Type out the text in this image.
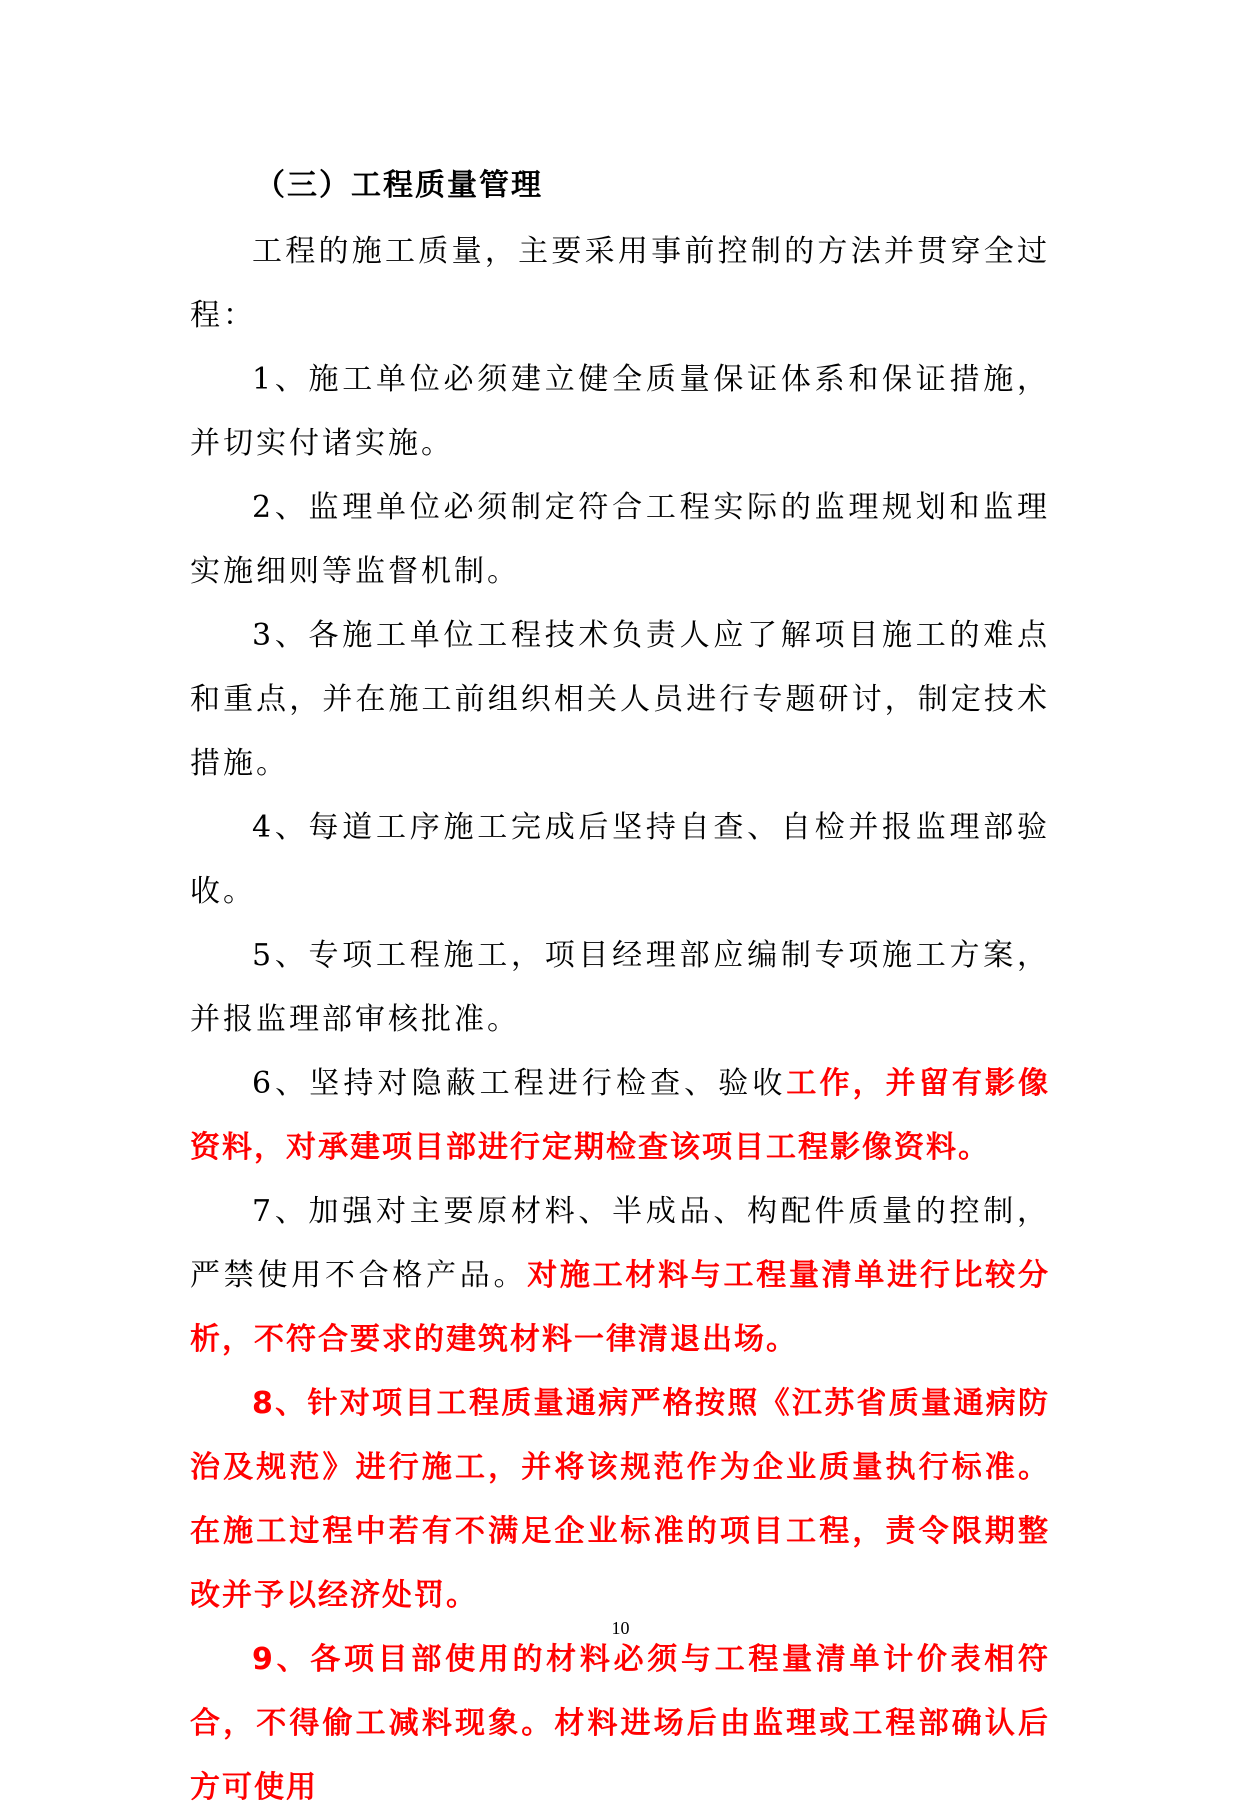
（三）工程质量管理

工程的施工质量，主要采用事前控制的方法并贯穿全过程：

1、施工单位必须建立健全质量保证体系和保证措施，并切实付诸实施。

2、监理单位必须制定符合工程实际的监理规划和监理实施细则等监督机制。

3、各施工单位工程技术负责人应了解项目施工的难点和重点，并在施工前组织相关人员进行专题研讨，制定技术措施。

4、每道工序施工完成后坚持自查、自检并报监理部验收。

5、专项工程施工，项目经理部应编制专项施工方案，并报监理部审核批准。

6、坚持对隐蔽工程进行检查、验收工作，并留有影像资料，对承建项目部进行定期检查该项目工程影像资料。

7、加强对主要原材料、半成品、构配件质量的控制，严禁使用不合格产品。对施工材料与工程量清单进行比较分析，不符合要求的建筑材料一律清退出场。

8、针对项目工程质量通病严格按照《江苏省质量通病防治及规范》进行施工，并将该规范作为企业质量执行标准。在施工过程中若有不满足企业标准的项目工程，责令限期整改并予以经济处罚。

9、各项目部使用的材料必须与工程量清单计价表相符合，不得偷工减料现象。材料进场后由监理或工程部确认后方可使用

10
